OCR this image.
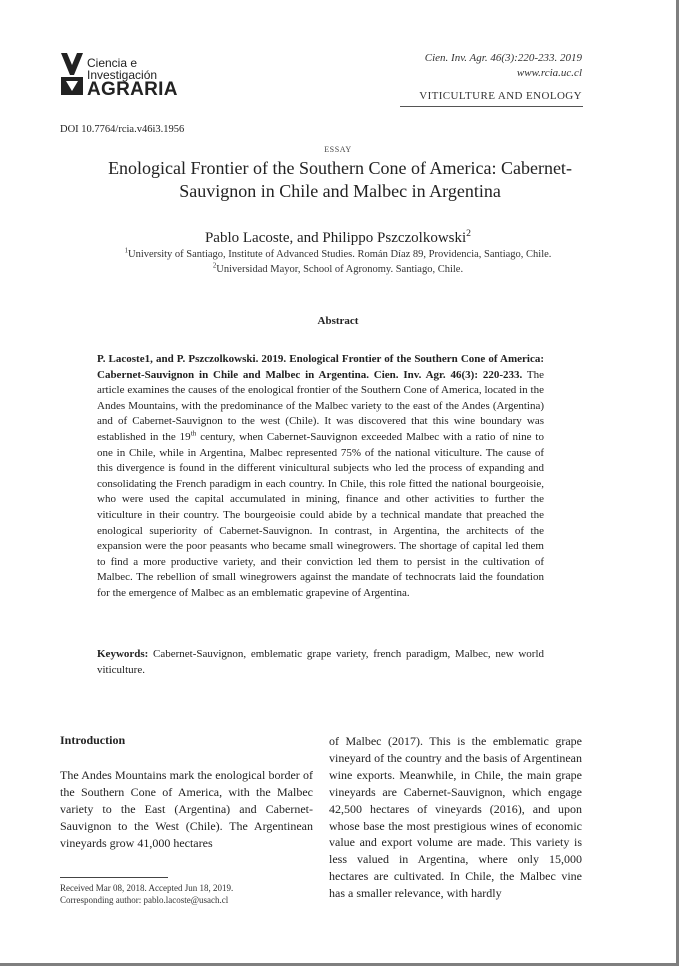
Ciencia e
Investigación
AGRARIA
Cien. Inv. Agr. 46(3):220-233. 2019
www.rcia.uc.cl
VITICULTURE AND ENOLOGY
DOI 10.7764/rcia.v46i3.1956
ESSAY
Enological Frontier of the Southern Cone of America: Cabernet-
Sauvignon in Chile and Malbec in Argentina
Pablo Lacoste, and Philippo Pszczolkowski$^2$
$^1$University of Santiago, Institute of Advanced Studies. Román Díaz 89, Providencia, Santiago, Chile.
$^2$Universidad Mayor, School of Agronomy. Santiago, Chile.
Abstract
P. Lacoste1, and P. Pszczolkowski. 2019. Enological Frontier of the Southern Cone of America: Cabernet-Sauvignon in Chile and Malbec in Argentina. Cien. Inv. Agr. 46(3): 220-233. The article examines the causes of the enological frontier of the Southern Cone of America, located in the Andes Mountains, with the predominance of the Malbec variety to the east of the Andes (Argentina) and of Cabernet-Sauvignon to the west (Chile). It was discovered that this wine boundary was established in the 19th century, when Cabernet-Sauvignon exceeded Malbec with a ratio of nine to one in Chile, while in Argentina, Malbec represented 75% of the national viticulture. The cause of this divergence is found in the different vinicultural subjects who led the process of expanding and consolidating the French paradigm in each country. In Chile, this role fitted the national bourgeoisie, who were used the capital accumulated in mining, finance and other activities to further the viticulture in their country. The bourgeoisie could abide by a technical mandate that preached the enological superiority of Cabernet-Sauvignon. In contrast, in Argentina, the architects of the expansion were the poor peasants who became small winegrowers. The shortage of capital led them to find a more productive variety, and their conviction led them to persist in the cultivation of Malbec. The rebellion of small winegrowers against the mandate of technocrats laid the foundation for the emergence of Malbec as an emblematic grapevine of Argentina.
Keywords: Cabernet-Sauvignon, emblematic grape variety, french paradigm, Malbec, new world viticulture.
Introduction
The Andes Mountains mark the enological border of the Southern Cone of America, with the Malbec variety to the East (Argentina) and Cabernet-Sauvignon to the West (Chile). The Argentinean vineyards grow 41,000 hectares
of Malbec (2017). This is the emblematic grape vineyard of the country and the basis of Argentinean wine exports. Meanwhile, in Chile, the main grape vineyards are Cabernet-Sauvignon, which engage 42,500 hectares of vineyards (2016), and upon whose base the most prestigious wines of economic value and export volume are made. This variety is less valued in Argentina, where only 15,000 hectares are cultivated. In Chile, the Malbec vine has a smaller relevance, with hardly
Received Mar 08, 2018. Accepted Jun 18, 2019.
Corresponding author: pablo.lacoste@usach.cl
